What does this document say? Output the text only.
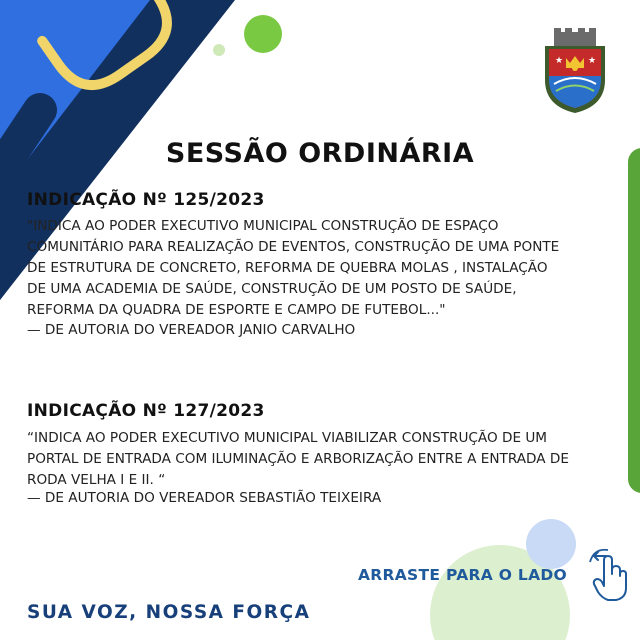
★	★
SESSÃO ORDINÁRIA
INDICAÇÃO Nº 125/2023
"INDICA AO PODER EXECUTIVO MUNICIPAL CONSTRUÇÃO DE ESPAÇO
COMUNITÁRIO PARA REALIZAÇÃO DE EVENTOS, CONSTRUÇÃO DE UMA PONTE
DE ESTRUTURA DE CONCRETO, REFORMA DE QUEBRA MOLAS , INSTALAÇÃO
DE UMA ACADEMIA DE SAÚDE, CONSTRUÇÃO DE UM POSTO DE SAÚDE,
REFORMA DA QUADRA DE ESPORTE E CAMPO DE FUTEBOL..."
— DE AUTORIA DO VEREADOR JANIO CARVALHO
INDICAÇÃO Nº 127/2023
“INDICA AO PODER EXECUTIVO MUNICIPAL VIABILIZAR CONSTRUÇÃO DE UM
PORTAL DE ENTRADA COM ILUMINAÇÃO E ARBORIZAÇÃO ENTRE A ENTRADA DE
RODA VELHA I E II. “
— DE AUTORIA DO VEREADOR SEBASTIÃO TEIXEIRA
ARRASTE PARA O LADO
SUA VOZ, NOSSA FORÇA
